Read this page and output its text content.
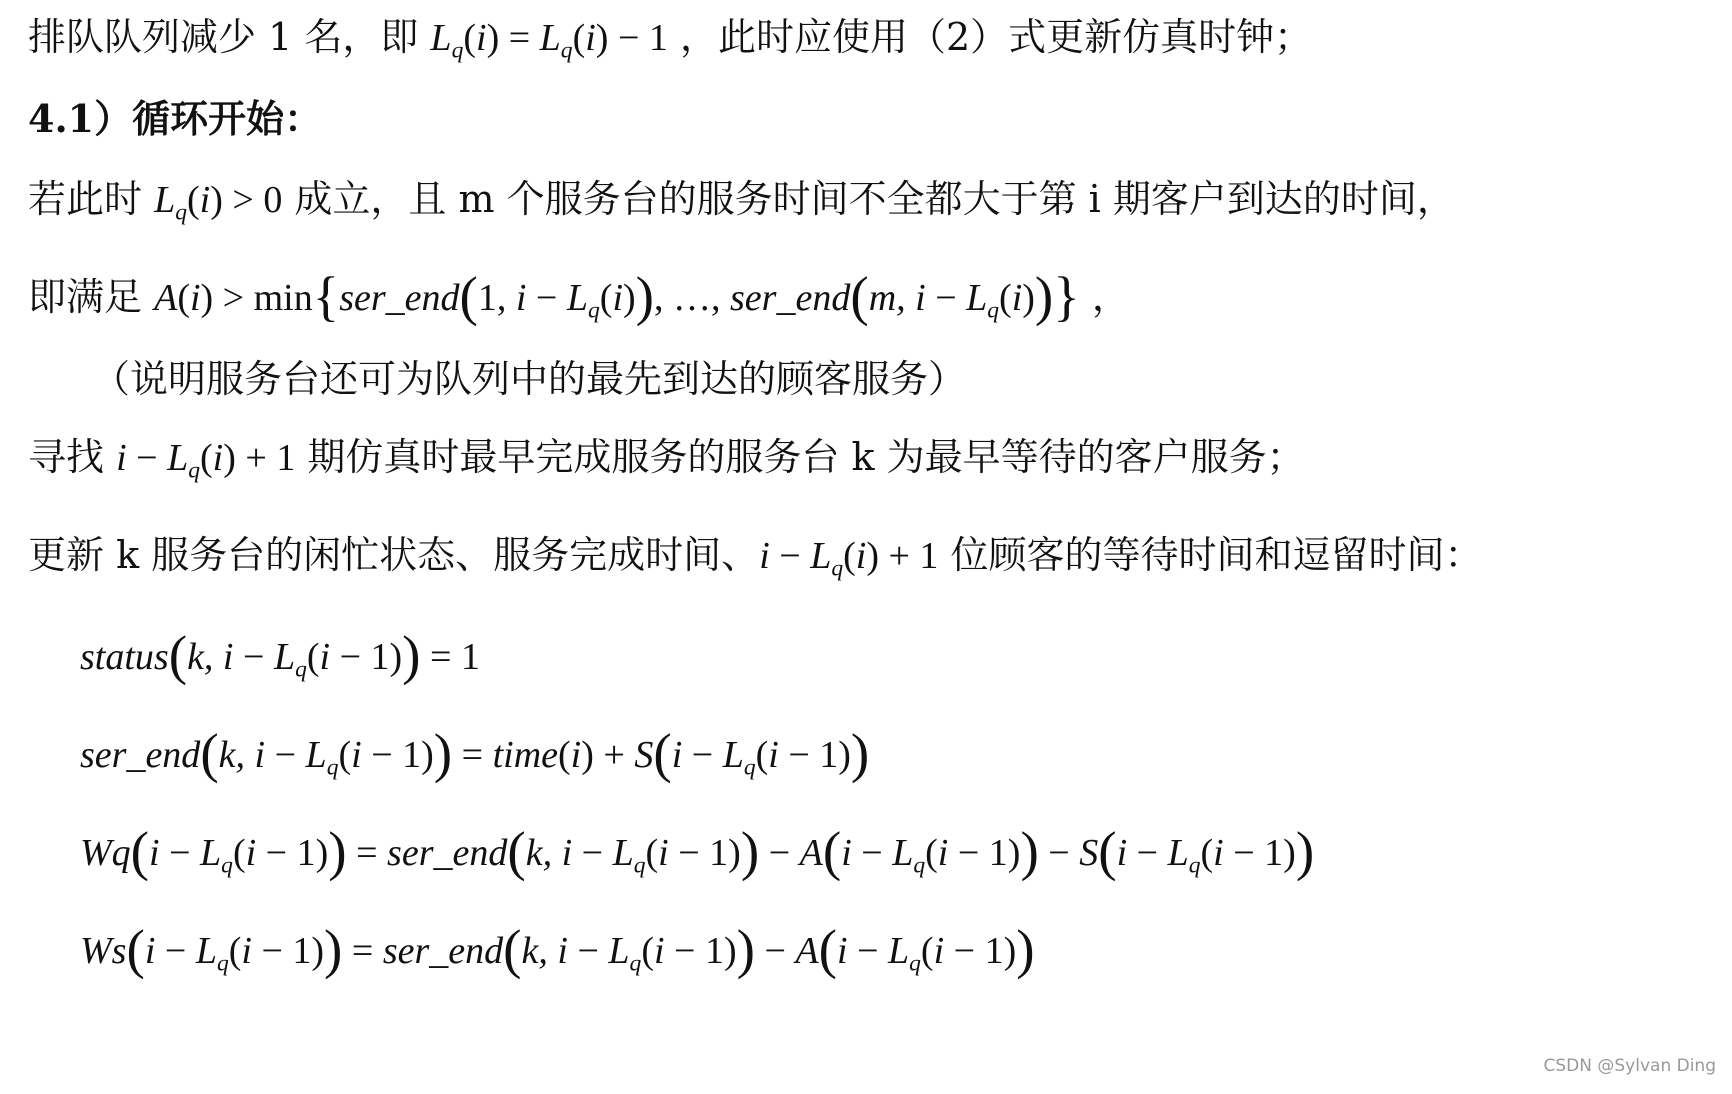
排队队列减少 1 名，即 $L_q(i) = L_q(i) - 1$ ，此时应使用（2）式更新仿真时钟；
4.1）循环开始：
若此时 $L_q(i) > 0$ 成立，且 m 个服务台的服务时间不全都大于第 i 期客户到达的时间，
即满足 A(i) > min{ser_end(1, $i - L_q(i)$), …, ser_end(m, $i - L_q(i)$)} ，
（说明服务台还可为队列中的最先到达的顾客服务）
寻找 $i - L_q(i) + 1$ 期仿真时最早完成服务的服务台 k 为最早等待的客户服务；
更新 k 服务台的闲忙状态、服务完成时间、$i - L_q(i) + 1$ 位顾客的等待时间和逗留时间：
status(k, $i - L_q(i - 1)) = 1$
ser_end(k, $i - L_q(i - 1)$) = time(i) + $S(i - L_q(i - 1))$
$Wq(i - L_q(i - 1))$ = ser_end(k, $i - L_q(i - 1)) - A(i - L_q(i - 1)) - S(i - L_q(i - 1))$
$Ws(i - L_q(i - 1))$ = ser_end(k, $i - L_q(i - 1)) - A(i - L_q(i - 1))$
CSDN @Sylvan Ding
